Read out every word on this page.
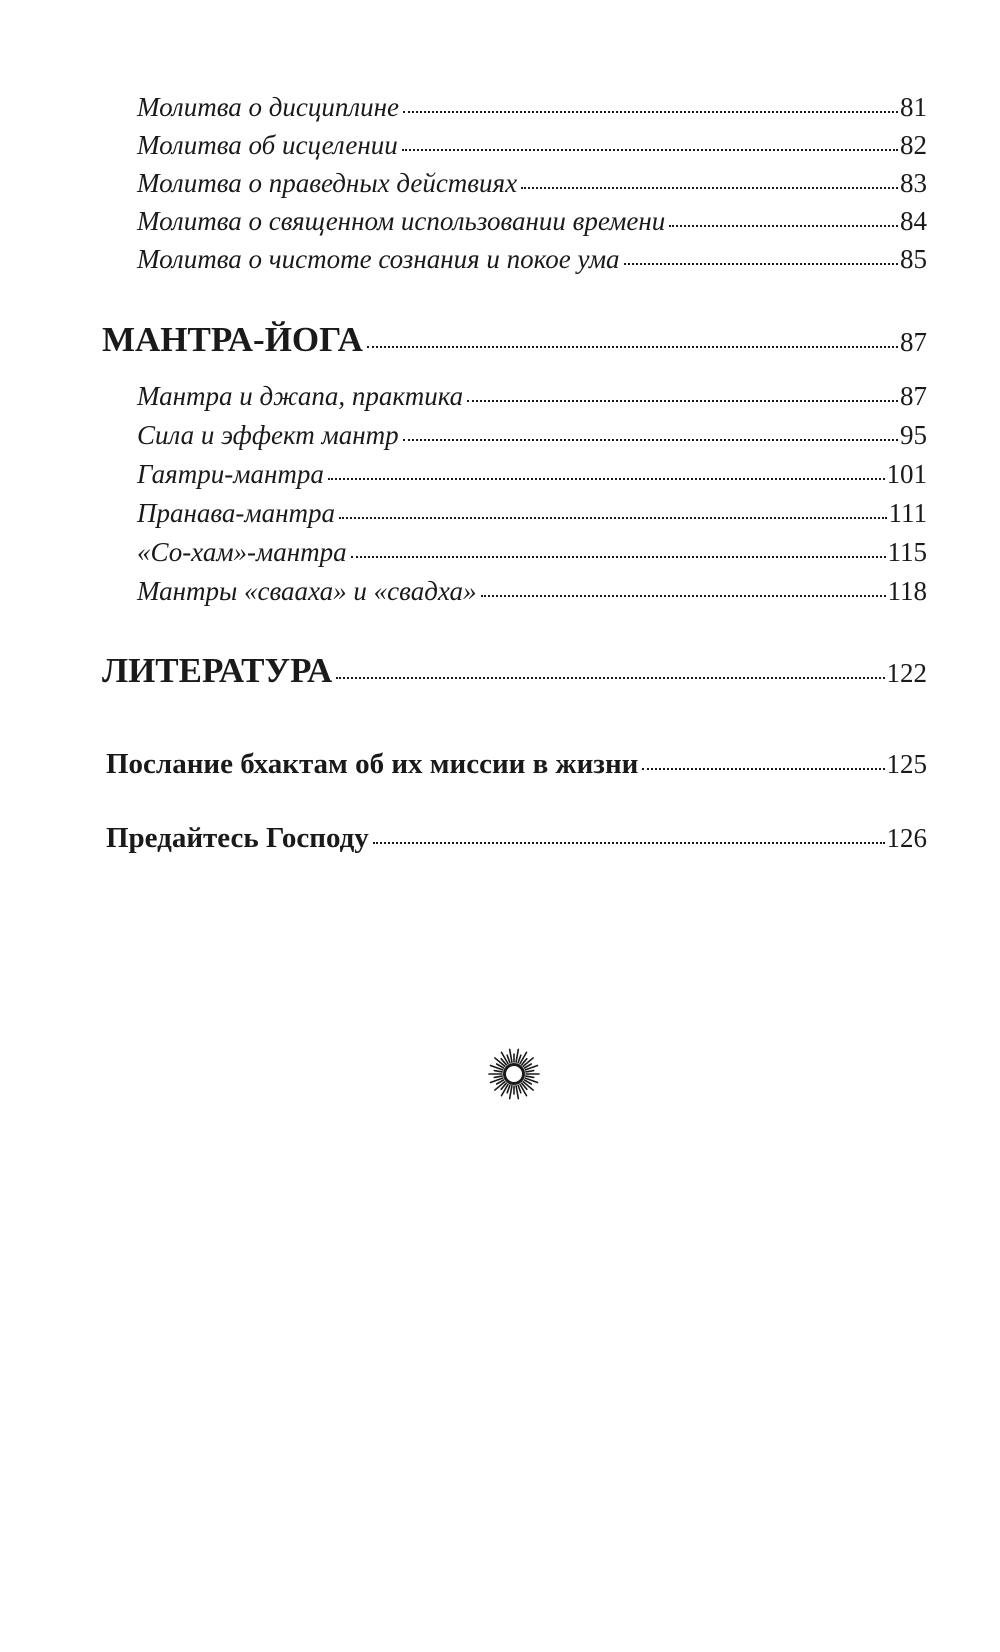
Молитва о дисциплине	81
Молитва об исцелении	82
Молитва о праведных действиях	83
Молитва о священном использовании времени	84
Молитва о чистоте сознания и покое ума	85
МАНТРА-ЙОГА	87
Мантра и джапа, практика	87
Сила и эффект мантр	95
Гаятри-мантра	101
Пранава-мантра	111
«Со-хам»-мантра	115
Мантры «сваaха» и «свадха»	118
ЛИТЕРАТУРА	122
Послание бхактам об их миссии в жизни	125
Предайтесь Господу	126
